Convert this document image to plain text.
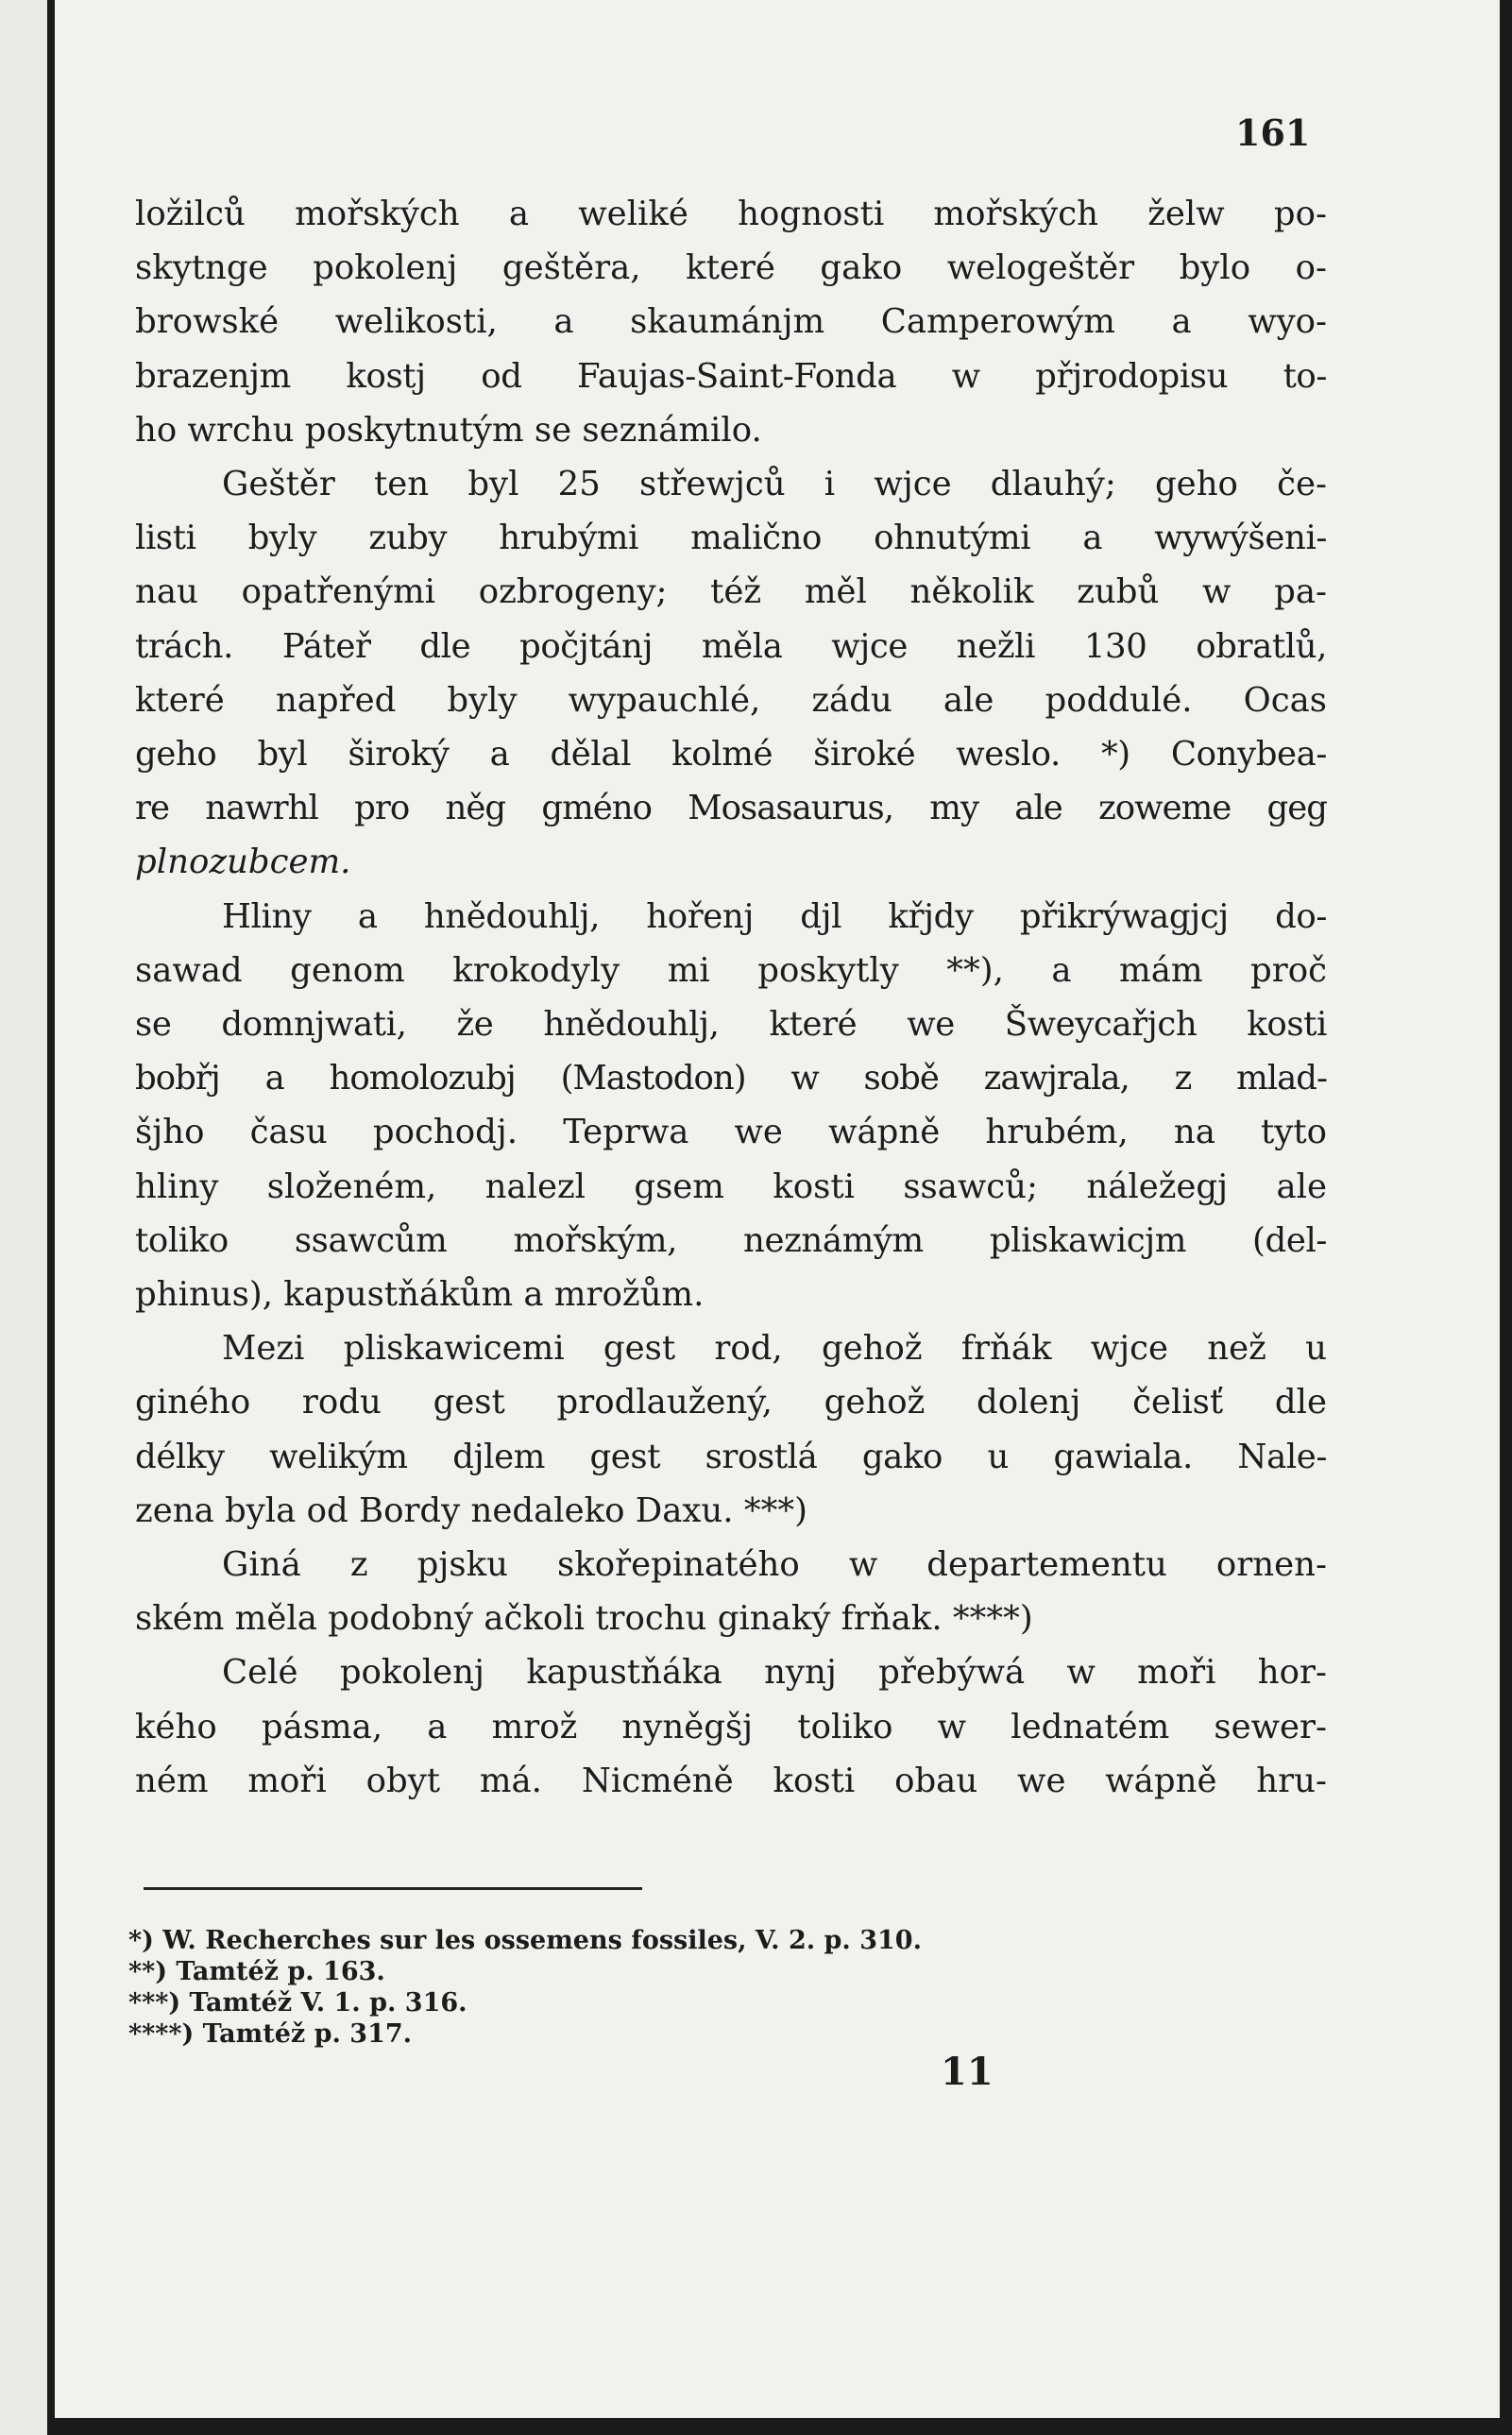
161
ložilců mořských a weliké hognosti mořských želw po-
skytnge pokolenj geštěra, které gako welogeštěr bylo o-
browské welikosti, a skaumánjm Camperowým a wyo-
brazenjm kostj od Faujas-Saint-Fonda w přjrodopisu to-
ho wrchu poskytnutým se seznámilo.
Geštěr ten byl 25 střewjců i wjce dlauhý; geho če-
listi byly zuby hrubými malično ohnutými a wywýšeni-
nau opatřenými ozbrogeny; též měl několik zubů w pa-
trách. Páteř dle počjtánj měla wjce nežli 130 obratlů,
které napřed byly wypauchlé, zádu ale poddulé. Ocas
geho byl široký a dělal kolmé široké weslo. *) Conybea-
re nawrhl pro něg gméno Mosasaurus, my ale zoweme geg
plnozubcem.
Hliny a hnědouhlj, hořenj djl křjdy přikrýwagjcj do-
sawad genom krokodyly mi poskytly **), a mám proč
se domnjwati, že hnědouhlj, které we Šweycařjch kosti
bobřj a homolozubj (Mastodon) w sobě zawjrala, z mlad-
šjho času pochodj. Teprwa we wápně hrubém, na tyto
hliny složeném, nalezl gsem kosti ssawců; náležegj ale
toliko ssawcům mořským, neznámým pliskawicjm (del-
phinus), kapustňákům a mrožům.
Mezi pliskawicemi gest rod, gehož frňák wjce než u
giného rodu gest prodlaužený, gehož dolenj čelisť dle
délky welikým djlem gest srostlá gako u gawiala. Nale-
zena byla od Bordy nedaleko Daxu. ***)
Giná z pjsku skořepinatého w departementu ornen-
ském měla podobný ačkoli trochu ginaký frňak. ****)
Celé pokolenj kapustňáka nynj přebýwá w moři hor-
kého pásma, a mrož nyněgšj toliko w lednatém sewer-
ném moři obyt má. Nicméně kosti obau we wápně hru-
*) W. Recherches sur les ossemens fossiles, V. 2. p. 310.
**) Tamtéž p. 163.
***) Tamtéž V. 1. p. 316.
****) Tamtéž p. 317.
11
